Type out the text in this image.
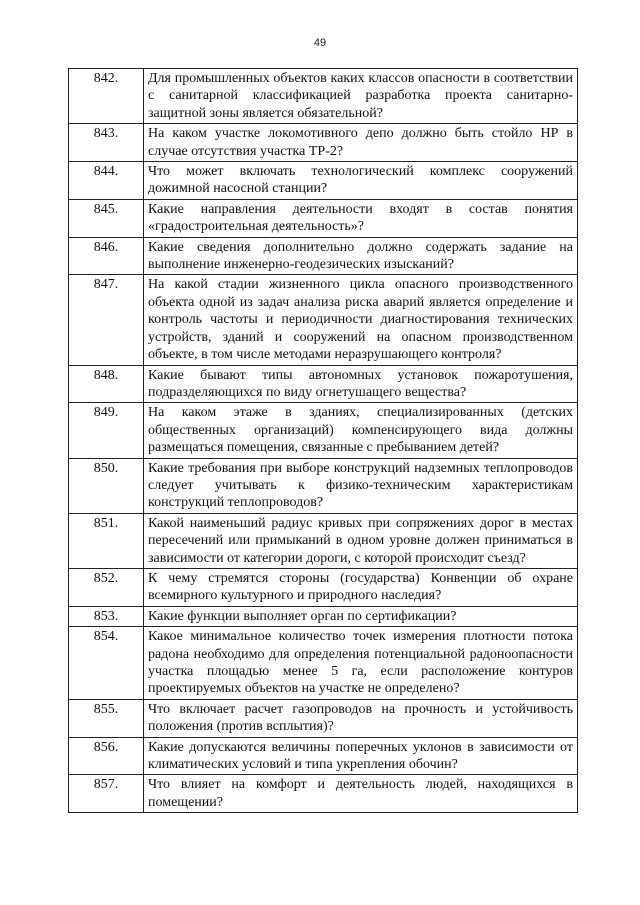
49
842.	Для промышленных объектов каких классов опасности в соответствии с санитарной классификацией разработка проекта санитарно-защитной зоны является обязательной?
843.	На каком участке локомотивного депо должно быть стойло НР в случае отсутствия участка ТР-2?
844.	Что может включать технологический комплекс сооружений дожимной насосной станции?
845.	Какие направления деятельности входят в состав понятия «градостроительная деятельность»?
846.	Какие сведения дополнительно должно содержать задание на выполнение инженерно-геодезических изысканий?
847.	На какой стадии жизненного цикла опасного производственного объекта одной из задач анализа риска аварий является определение и контроль частоты и периодичности диагностирования технических устройств, зданий и сооружений на опасном производственном объекте, в том числе методами неразрушающего контроля?
848.	Какие бывают типы автономных установок пожаротушения, подразделяющихся по виду огнетушащего вещества?
849.	На каком этаже в зданиях, специализированных (детских общественных организаций) компенсирующего вида должны размещаться помещения, связанные с пребыванием детей?
850.	Какие требования при выборе конструкций надземных теплопроводов следует учитывать к физико-техническим характеристикам конструкций теплопроводов?
851.	Какой наименьший радиус кривых при сопряжениях дорог в местах пересечений или примыканий в одном уровне должен приниматься в зависимости от категории дороги, с которой происходит съезд?
852.	К чему стремятся стороны (государства) Конвенции об охране всемирного культурного и природного наследия?
853.	Какие функции выполняет орган по сертификации?
854.	Какое минимальное количество точек измерения плотности потока радона необходимо для определения потенциальной радоноопасности участка площадью менее 5 га, если расположение контуров проектируемых объектов на участке не определено?
855.	Что включает расчет газопроводов на прочность и устойчивость положения (против всплытия)?
856.	Какие допускаются величины поперечных уклонов в зависимости от климатических условий и типа укрепления обочин?
857.	Что влияет на комфорт и деятельность людей, находящихся в помещении?
